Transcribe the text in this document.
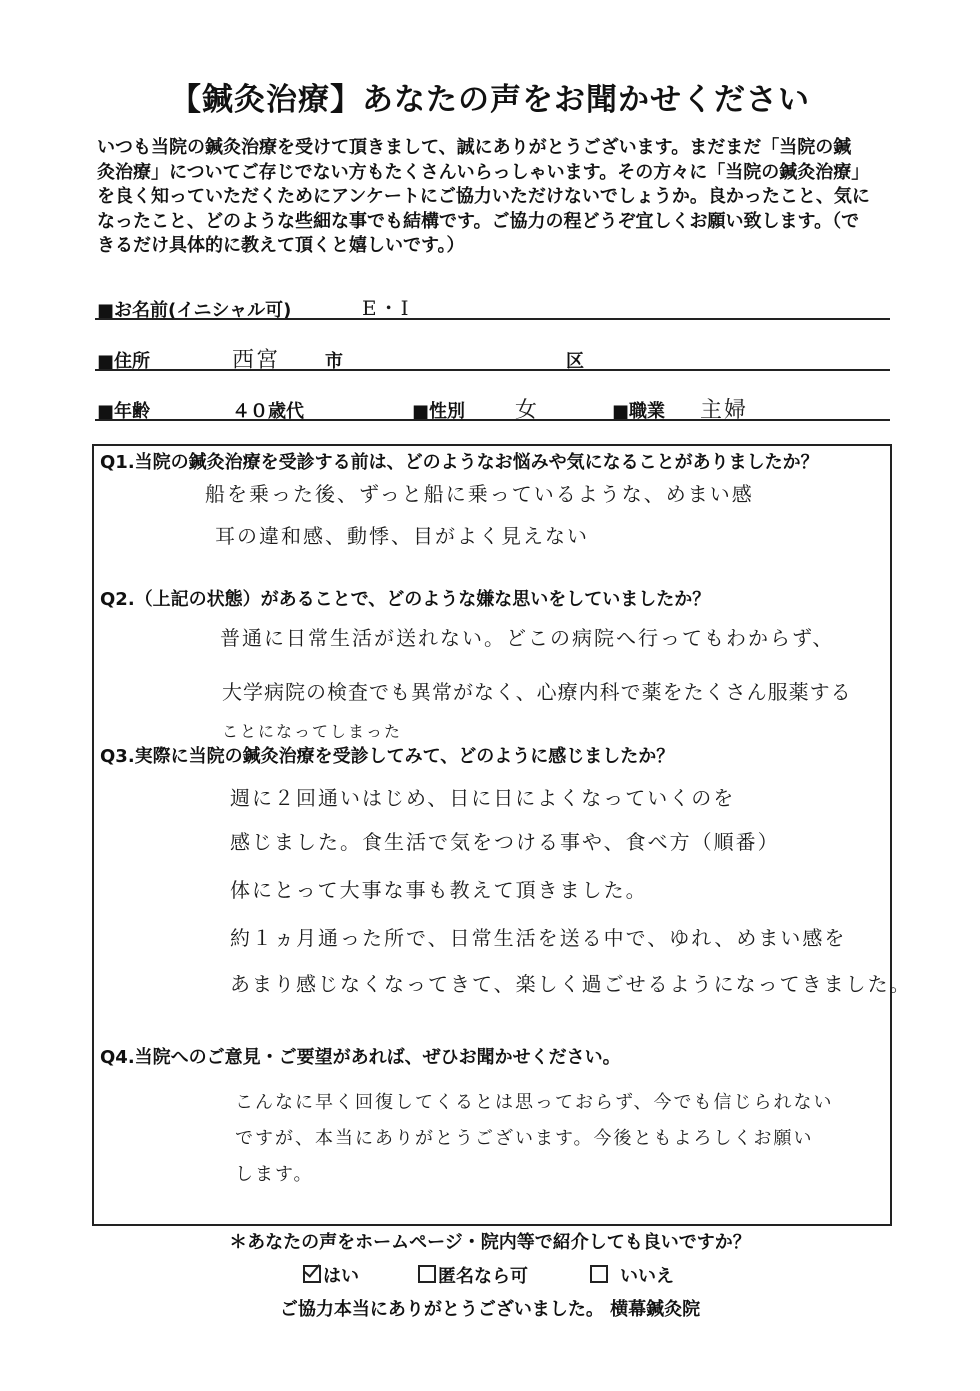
【鍼灸治療】あなたの声をお聞かせください
いつも当院の鍼灸治療を受けて頂きまして、誠にありがとうございます。まだまだ「当院の鍼
灸治療」についてご存じでない方もたくさんいらっしゃいます。その方々に「当院の鍼灸治療」
を良く知っていただくためにアンケートにご協力いただけないでしょうか。良かったこと、気に
なったこと、どのような些細な事でも結構です。ご協力の程どうぞ宜しくお願い致します。（で
きるだけ具体的に教えて頂くと嬉しいです。）
■お名前(イニシャル可)	E・I
■住所	西宮 市	区
■年齢	４０歳代	■性別 女	■職業 主婦
Q1.当院の鍼灸治療を受診する前は、どのようなお悩みや気になることがありましたか？
船を乗った後、ずっと船に乗っているような、めまい感
耳の違和感、動悸、目がよく見えない
Q2.（上記の状態）があることで、どのような嫌な思いをしていましたか？
普通に日常生活が送れない。どこの病院へ行ってもわからず、
大学病院の検査でも異常がなく、心療内科で薬をたくさん服薬する
ことになってしまった
Q3.実際に当院の鍼灸治療を受診してみて、どのように感じましたか？
週に２回通いはじめ、日に日によくなっていくのを
感じました。食生活で気をつける事や、食べ方（順番）
体にとって大事な事も教えて頂きました。
約１ヵ月通った所で、日常生活を送る中で、ゆれ、めまい感を
あまり感じなくなってきて、楽しく過ごせるようになってきました。
Q4.当院へのご意見・ご要望があれば、ぜひお聞かせください。
こんなに早く回復してくるとは思っておらず、今でも信じられない
ですが、本当にありがとうございます。今後ともよろしくお願い
します。
＊あなたの声をホームページ・院内等で紹介しても良いですか？
はい	匿名なら可	いいえ
ご協力本当にありがとうございました。 横幕鍼灸院
